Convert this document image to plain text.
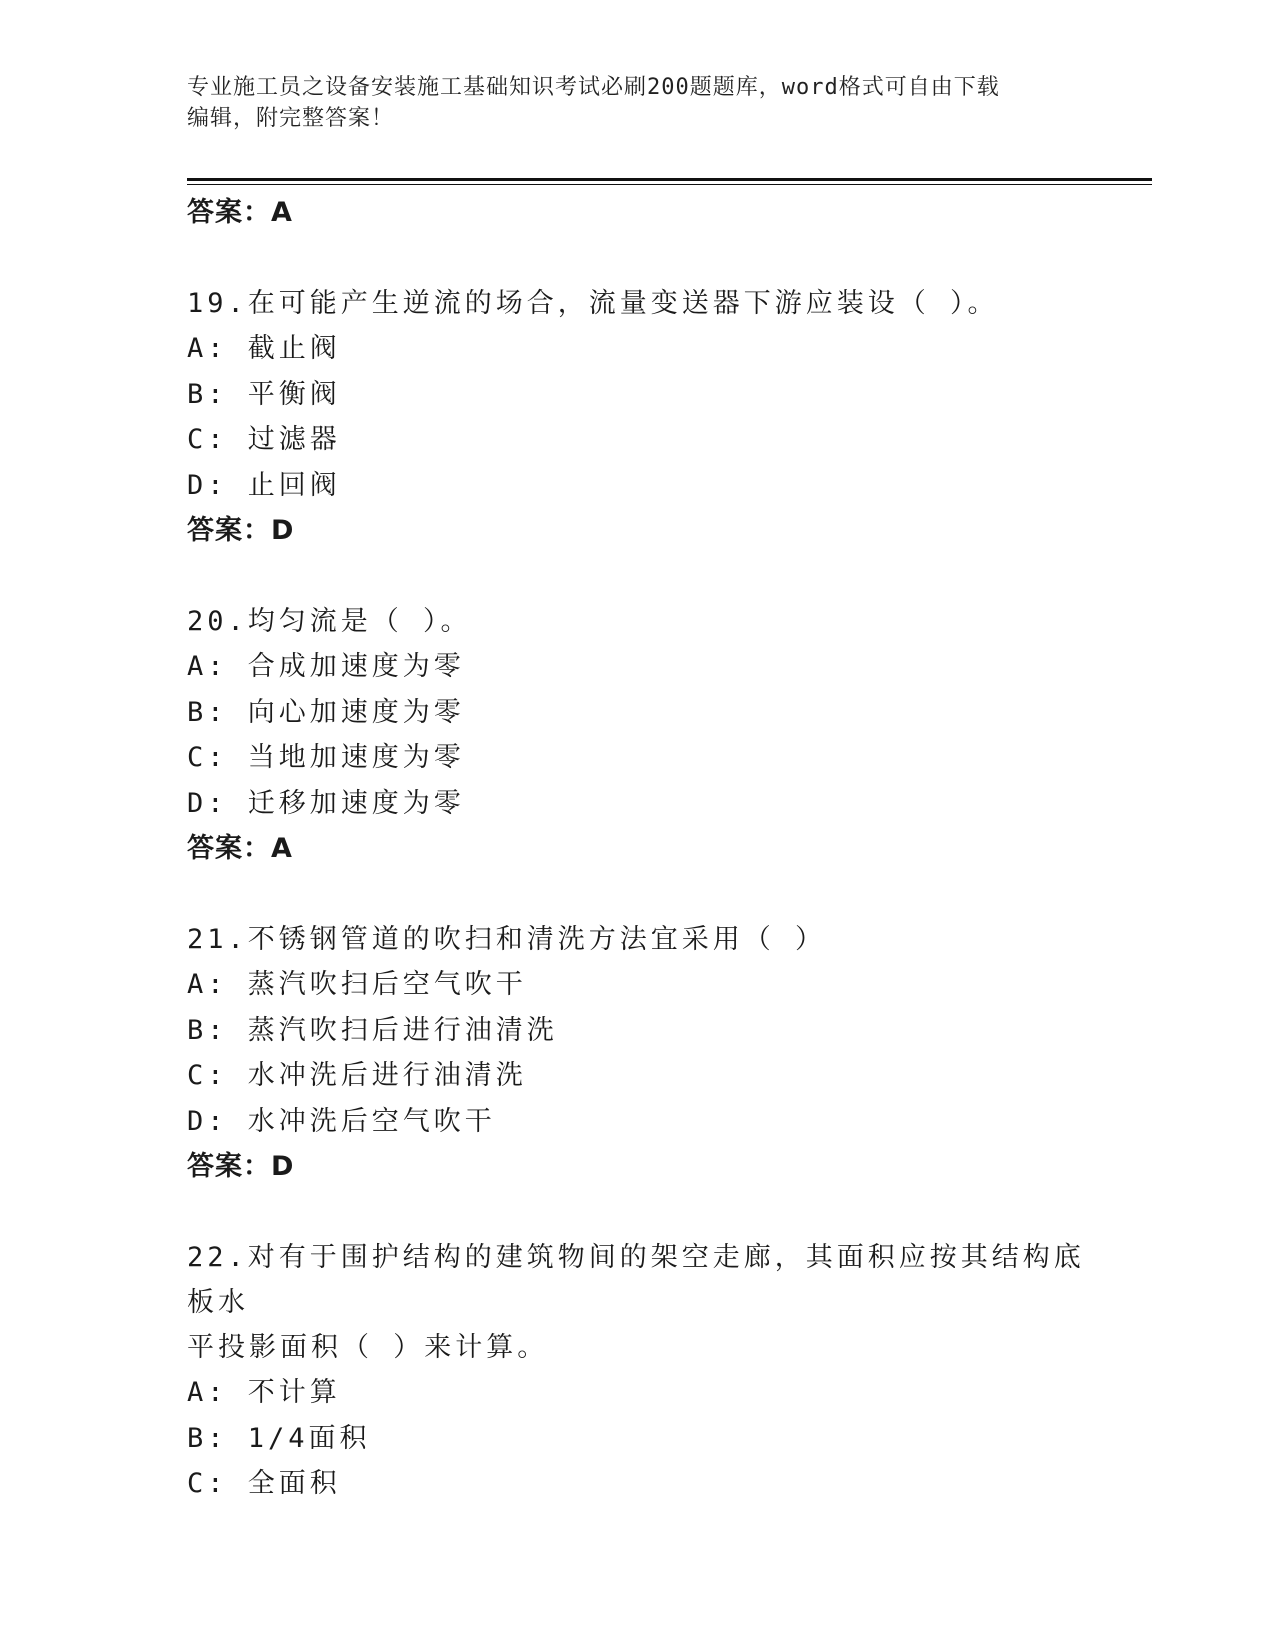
专业施工员之设备安装施工基础知识考试必刷200题题库，word格式可自由下载
编辑，附完整答案！
答案：A
19.在可能产生逆流的场合，流量变送器下游应装设（ ）。
A: 截止阀
B: 平衡阀
C: 过滤器
D: 止回阀
答案：D
20.均匀流是（ ）。
A: 合成加速度为零
B: 向心加速度为零
C: 当地加速度为零
D: 迁移加速度为零
答案：A
21.不锈钢管道的吹扫和清洗方法宜采用（ ）
A: 蒸汽吹扫后空气吹干
B: 蒸汽吹扫后进行油清洗
C: 水冲洗后进行油清洗
D: 水冲洗后空气吹干
答案：D
22.对有于围护结构的建筑物间的架空走廊，其面积应按其结构底板水
平投影面积（ ）来计算。
A: 不计算
B: 1/4面积
C: 全面积
